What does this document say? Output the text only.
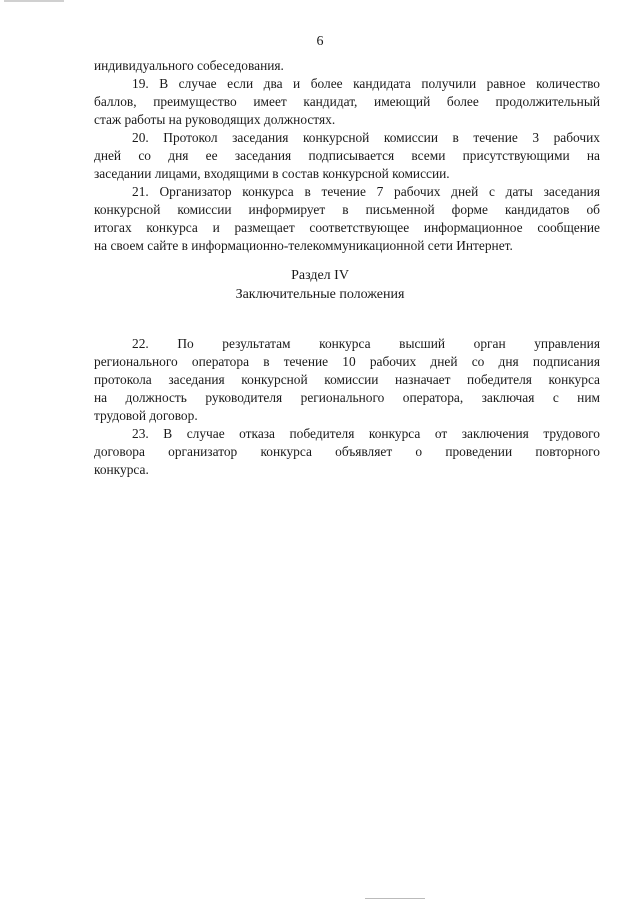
6
индивидуального собеседования.
19. В случае если два и более кандидата получили равное количество
баллов, преимущество имеет кандидат, имеющий более продолжительный
стаж работы на руководящих должностях.
20. Протокол заседания конкурсной комиссии в течение 3 рабочих
дней со дня ее заседания подписывается всеми присутствующими на
заседании лицами, входящими в состав конкурсной комиссии.
21. Организатор конкурса в течение 7 рабочих дней с даты заседания
конкурсной комиссии информирует в письменной форме кандидатов об
итогах конкурса и размещает соответствующее информационное сообщение
на своем сайте в информационно-телекоммуникационной сети Интернет.
Раздел IV
Заключительные положения
22. По результатам конкурса высший орган управления
регионального оператора в течение 10 рабочих дней со дня подписания
протокола заседания конкурсной комиссии назначает победителя конкурса
на должность руководителя регионального оператора, заключая с ним
трудовой договор.
23. В случае отказа победителя конкурса от заключения трудового
договора организатор конкурса объявляет о проведении повторного
конкурса.
